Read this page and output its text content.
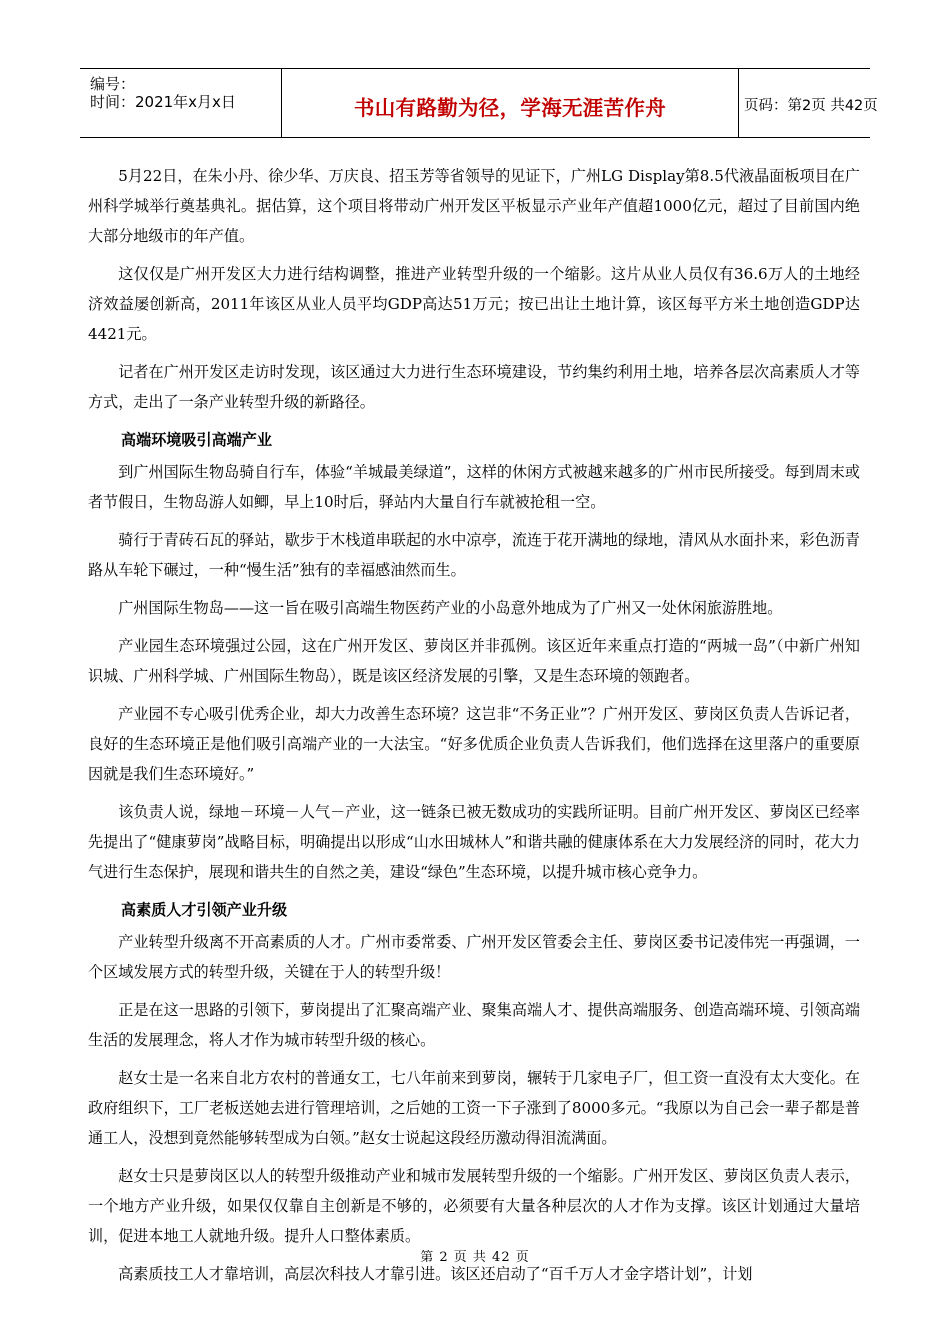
编号：
时间：2021年x月x日	书山有路勤为径，学海无涯苦作舟	页码：第2页 共42页

5月22日，在朱小丹、徐少华、万庆良、招玉芳等省领导的见证下，广州LG Display第8.5代液晶面板项目在广州科学城举行奠基典礼。据估算，这个项目将带动广州开发区平板显示产业年产值超1000亿元，超过了目前国内绝大部分地级市的年产值。

这仅仅是广州开发区大力进行结构调整，推进产业转型升级的一个缩影。这片从业人员仅有36.6万人的土地经济效益屡创新高，2011年该区从业人员平均GDP高达51万元；按已出让土地计算，该区每平方米土地创造GDP达4421元。

记者在广州开发区走访时发现，该区通过大力进行生态环境建设，节约集约利用土地，培养各层次高素质人才等方式，走出了一条产业转型升级的新路径。

高端环境吸引高端产业

到广州国际生物岛骑自行车，体验“羊城最美绿道”，这样的休闲方式被越来越多的广州市民所接受。每到周末或者节假日，生物岛游人如鲫，早上10时后，驿站内大量自行车就被抢租一空。

骑行于青砖石瓦的驿站，歇步于木栈道串联起的水中凉亭，流连于花开满地的绿地，清风从水面扑来，彩色沥青路从车轮下碾过，一种“慢生活”独有的幸福感油然而生。

广州国际生物岛——这一旨在吸引高端生物医药产业的小岛意外地成为了广州又一处休闲旅游胜地。

产业园生态环境强过公园，这在广州开发区、萝岗区并非孤例。该区近年来重点打造的“两城一岛”（中新广州知识城、广州科学城、广州国际生物岛），既是该区经济发展的引擎，又是生态环境的领跑者。

产业园不专心吸引优秀企业，却大力改善生态环境？这岂非“不务正业”？广州开发区、萝岗区负责人告诉记者，良好的生态环境正是他们吸引高端产业的一大法宝。“好多优质企业负责人告诉我们，他们选择在这里落户的重要原因就是我们生态环境好。”

该负责人说，绿地－环境－人气－产业，这一链条已被无数成功的实践所证明。目前广州开发区、萝岗区已经率先提出了“健康萝岗”战略目标，明确提出以形成“山水田城林人”和谐共融的健康体系在大力发展经济的同时，花大力气进行生态保护，展现和谐共生的自然之美，建设“绿色”生态环境，以提升城市核心竞争力。

高素质人才引领产业升级

产业转型升级离不开高素质的人才。广州市委常委、广州开发区管委会主任、萝岗区委书记凌伟宪一再强调，一个区域发展方式的转型升级，关键在于人的转型升级！

正是在这一思路的引领下，萝岗提出了汇聚高端产业、聚集高端人才、提供高端服务、创造高端环境、引领高端生活的发展理念，将人才作为城市转型升级的核心。

赵女士是一名来自北方农村的普通女工，七八年前来到萝岗，辗转于几家电子厂，但工资一直没有太大变化。在政府组织下，工厂老板送她去进行管理培训，之后她的工资一下子涨到了8000多元。“我原以为自己会一辈子都是普通工人，没想到竟然能够转型成为白领。”赵女士说起这段经历激动得泪流满面。

赵女士只是萝岗区以人的转型升级推动产业和城市发展转型升级的一个缩影。广州开发区、萝岗区负责人表示，一个地方产业升级，如果仅仅靠自主创新是不够的，必须要有大量各种层次的人才作为支撑。该区计划通过大量培训，促进本地工人就地升级。提升人口整体素质。

高素质技工人才靠培训，高层次科技人才靠引进。该区还启动了“百千万人才金字塔计划”，计划

第 2 页 共 42 页
